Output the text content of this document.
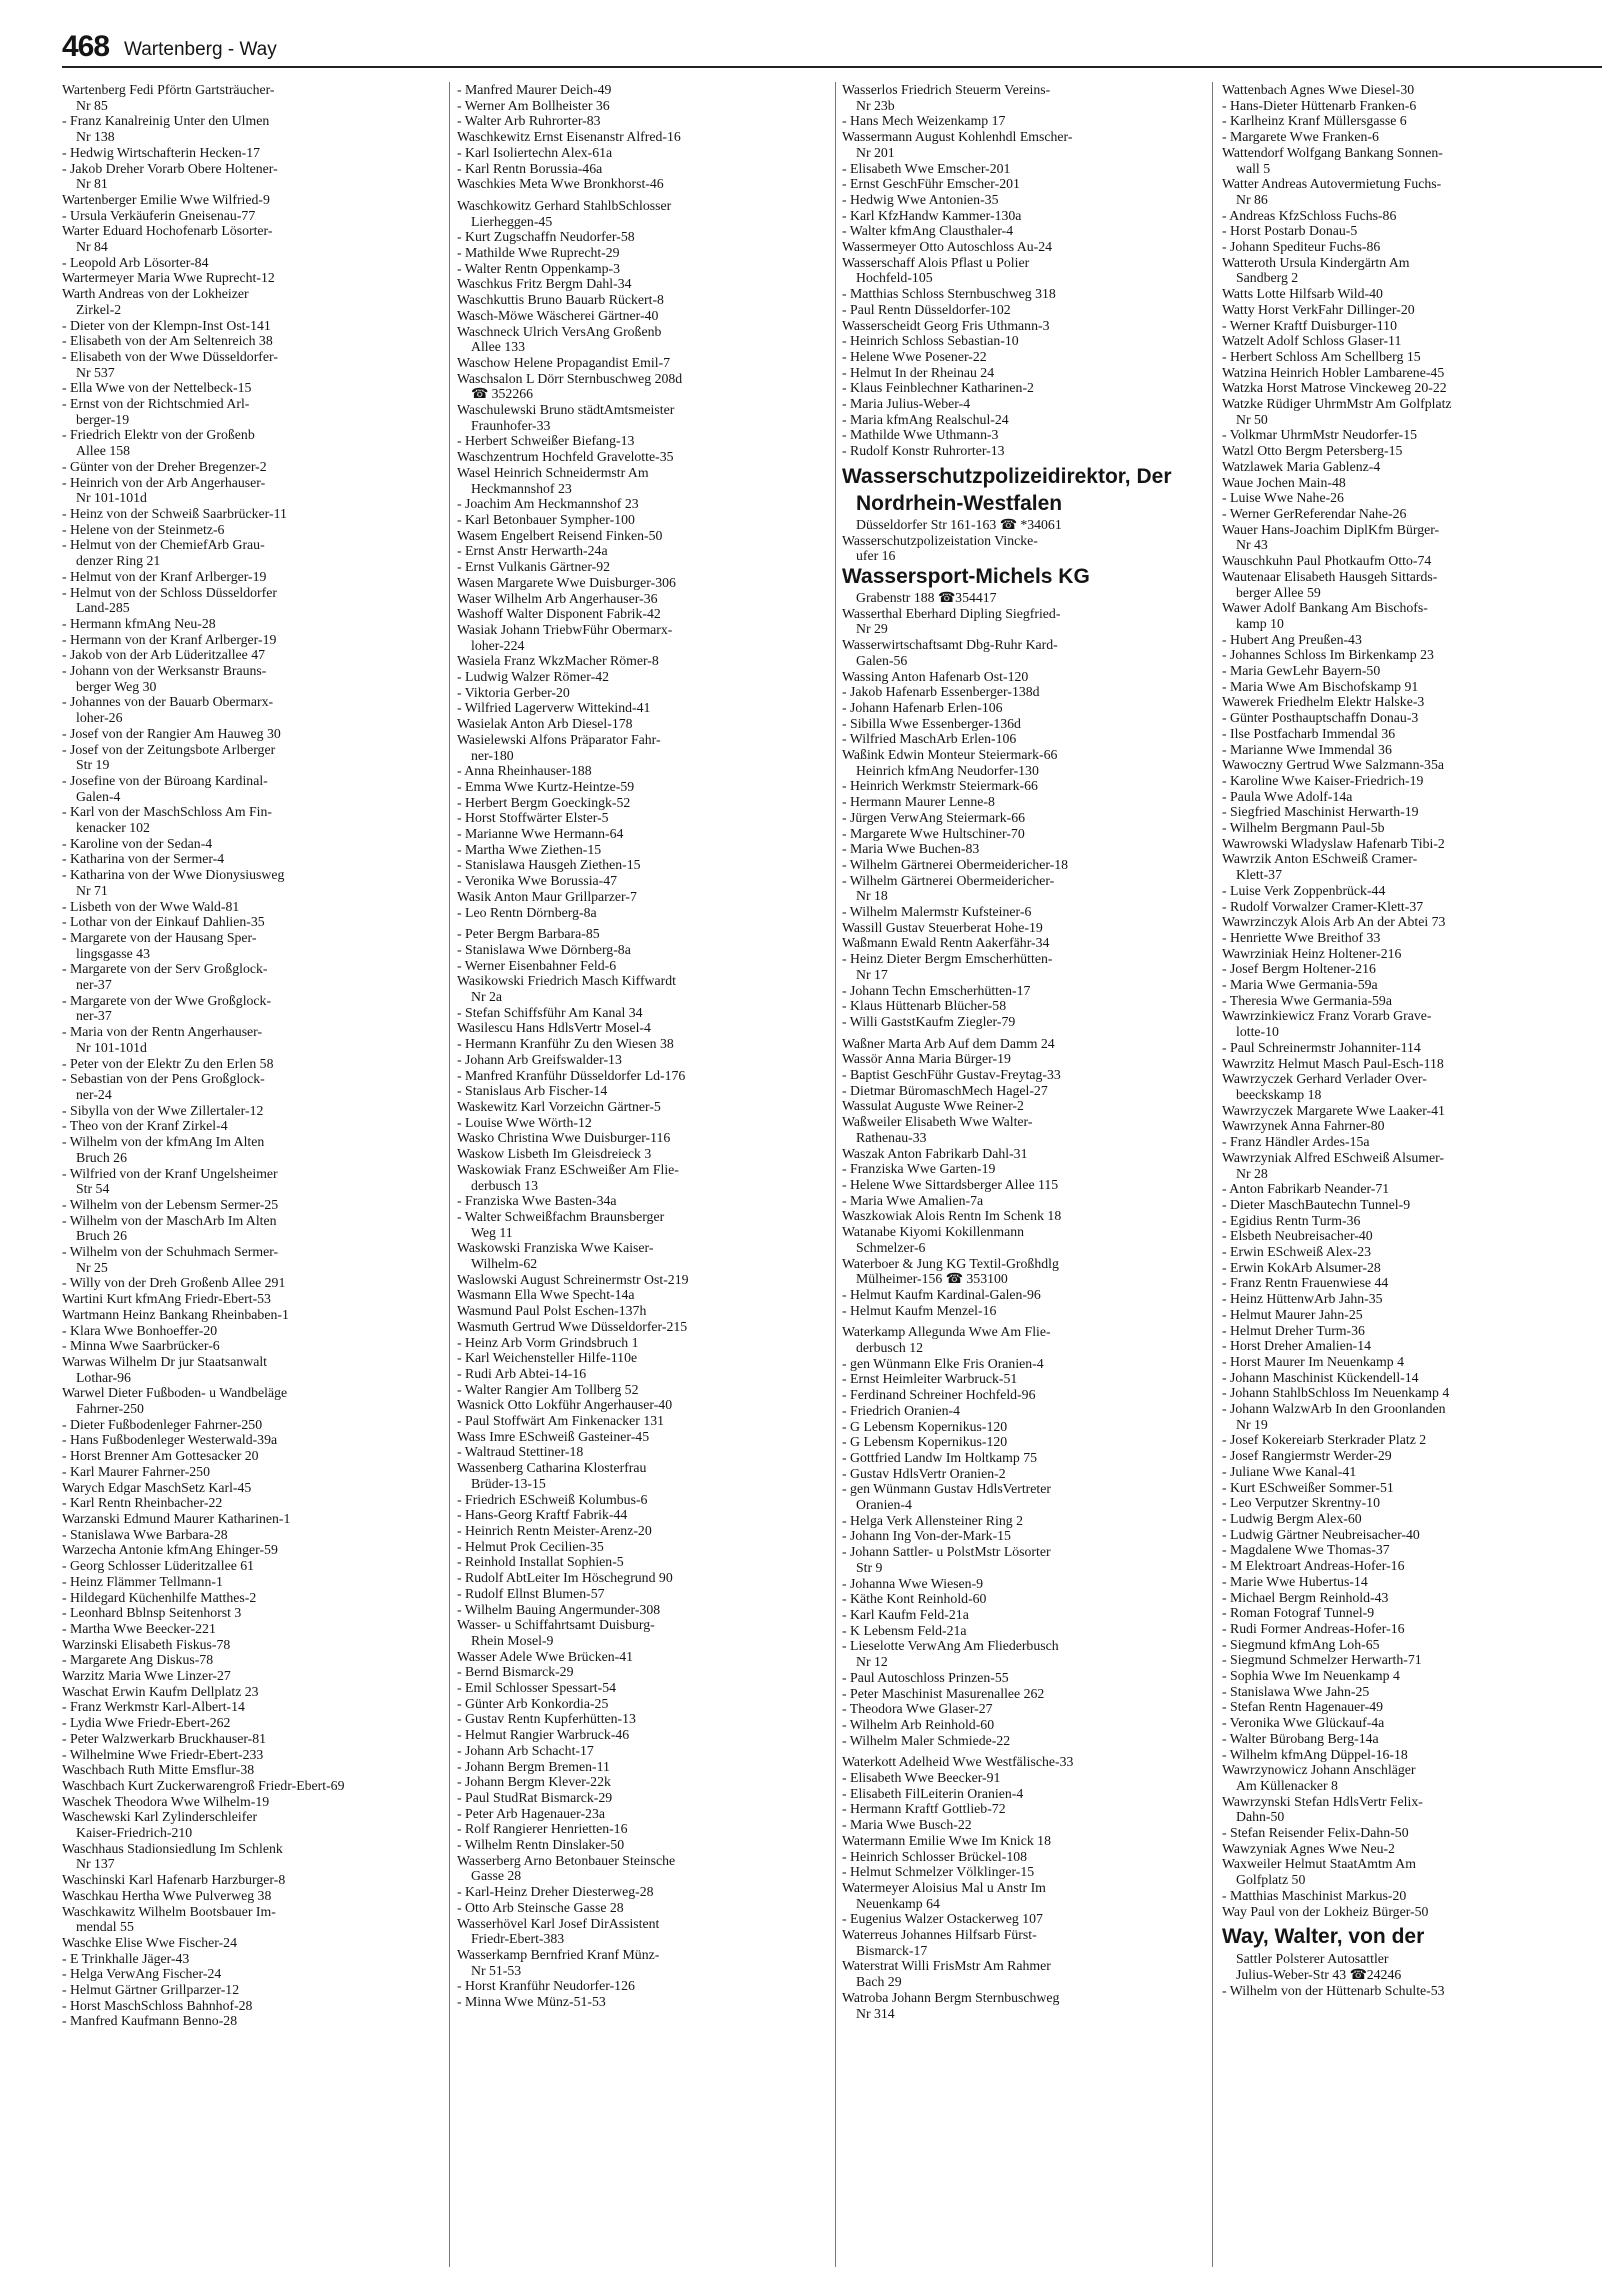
468 Wartenberg - Way
Wartenberg Fedi Pförtn Gartsträucher-
Nr 85
- Franz Kanalreinig Unter den Ulmen
Nr 138
- Hedwig Wirtschafterin Hecken-17
- Jakob Dreher Vorarb Obere Holtener-
Nr 81
Wartenberger Emilie Wwe Wilfried-9
- Ursula Verkäuferin Gneisenau-77
Warter Eduard Hochofenarb Lösorter-
Nr 84
- Leopold Arb Lösorter-84
Wartermeyer Maria Wwe Ruprecht-12
Warth Andreas von der Lokheizer
Zirkel-2
- Dieter von der Klempn-Inst Ost-141
- Elisabeth von der Am Seltenreich 38
- Elisabeth von der Wwe Düsseldorfer-
Nr 537
- Ella Wwe von der Nettelbeck-15
- Ernst von der Richtschmied Arl-
berger-19
- Friedrich Elektr von der Großenb
Allee 158
- Günter von der Dreher Bregenzer-2
- Heinrich von der Arb Angerhauser-
Nr 101-101d
- Heinz von der Schweiß Saarbrücker-11
- Helene von der Steinmetz-6
- Helmut von der ChemiefArb Grau-
denzer Ring 21
- Helmut von der Kranf Arlberger-19
- Helmut von der Schloss Düsseldorfer
Land-285
- Hermann kfmAng Neu-28
- Hermann von der Kranf Arlberger-19
- Jakob von der Arb Lüderitzallee 47
- Johann von der Werksanstr Brauns-
berger Weg 30
- Johannes von der Bauarb Obermarx-
loher-26
- Josef von der Rangier Am Hauweg 30
- Josef von der Zeitungsbote Arlberger
Str 19
- Josefine von der Büroang Kardinal-
Galen-4
- Karl von der MaschSchloss Am Fin-
kenacker 102
- Karoline von der Sedan-4
- Katharina von der Sermer-4
- Katharina von der Wwe Dionysiusweg
Nr 71
- Lisbeth von der Wwe Wald-81
- Lothar von der Einkauf Dahlien-35
- Margarete von der Hausang Sper-
lingsgasse 43
- Margarete von der Serv Großglock-
ner-37
- Margarete von der Wwe Großglock-
ner-37
- Maria von der Rentn Angerhauser-
Nr 101-101d
- Peter von der Elektr Zu den Erlen 58
- Sebastian von der Pens Großglock-
ner-24
- Sibylla von der Wwe Zillertaler-12
- Theo von der Kranf Zirkel-4
- Wilhelm von der kfmAng Im Alten
Bruch 26
- Wilfried von der Kranf Ungelsheimer
Str 54
- Wilhelm von der Lebensm Sermer-25
- Wilhelm von der MaschArb Im Alten
Bruch 26
- Wilhelm von der Schuhmach Sermer-
Nr 25
- Willy von der Dreh Großenb Allee 291
Wartini Kurt kfmAng Friedr-Ebert-53
Wartmann Heinz Bankang Rheinbaben-1
- Klara Wwe Bonhoeffer-20
- Minna Wwe Saarbrücker-6
Warwas Wilhelm Dr jur Staatsanwalt
Lothar-96
Warwel Dieter Fußboden- u Wandbeläge
Fahrner-250
- Dieter Fußbodenleger Fahrner-250
- Hans Fußbodenleger Westerwald-39a
- Horst Brenner Am Gottesacker 20
- Karl Maurer Fahrner-250
Warych Edgar MaschSetz Karl-45
- Karl Rentn Rheinbacher-22
Warzanski Edmund Maurer Katharinen-1
- Stanislawa Wwe Barbara-28
Warzecha Antonie kfmAng Ehinger-59
- Georg Schlosser Lüderitzallee 61
- Heinz Flämmer Tellmann-1
- Hildegard Küchenhilfe Matthes-2
- Leonhard Bblnsp Seitenhorst 3
- Martha Wwe Beecker-221
Warzinski Elisabeth Fiskus-78
- Margarete Ang Diskus-78
Warzitz Maria Wwe Linzer-27
Waschat Erwin Kaufm Dellplatz 23
- Franz Werkmstr Karl-Albert-14
- Lydia Wwe Friedr-Ebert-262
- Peter Walzwerkarb Bruckhauser-81
- Wilhelmine Wwe Friedr-Ebert-233
Waschbach Ruth Mitte Emsflur-38
Waschbach Kurt Zuckerwarengroß Friedr-Ebert-69
Waschek Theodora Wwe Wilhelm-19
Waschewski Karl Zylinderschleifer
Kaiser-Friedrich-210
Waschhaus Stadionsiedlung Im Schlenk
Nr 137
Waschinski Karl Hafenarb Harzburger-8
Waschkau Hertha Wwe Pulverweg 38
Waschkawitz Wilhelm Bootsbauer Im-
mendal 55
Waschke Elise Wwe Fischer-24
- E Trinkhalle Jäger-43
- Helga VerwAng Fischer-24
- Helmut Gärtner Grillparzer-12
- Horst MaschSchloss Bahnhof-28
- Manfred Kaufmann Benno-28
- Manfred Maurer Deich-49
- Werner Am Bollheister 36
- Walter Arb Ruhrorter-83
Waschkewitz Ernst Eisenanstr Alfred-16
- Karl Isoliertechn Alex-61a
- Karl Rentn Borussia-46a
Waschkies Meta Wwe Bronkhorst-46
Waschkowitz Gerhard StahlbSchlosser
Lierheggen-45
- Kurt Zugschaffn Neudorfer-58
- Mathilde Wwe Ruprecht-29
- Walter Rentn Oppenkamp-3
Waschkus Fritz Bergm Dahl-34
Waschkuttis Bruno Bauarb Rückert-8
Wasch-Möwe Wäscherei Gärtner-40
Waschneck Ulrich VersAng Großenb
Allee 133
Waschow Helene Propagandist Emil-7
Waschsalon L Dörr Sternbuschweg 208d
☎ 352266
Waschulewski Bruno städtAmtsmeister
Fraunhofer-33
- Herbert Schweißer Biefang-13
Waschzentrum Hochfeld Gravelotte-35
Wasel Heinrich Schneidermstr Am
Heckmannshof 23
- Joachim Am Heckmannshof 23
- Karl Betonbauer Sympher-100
Wasem Engelbert Reisend Finken-50
- Ernst Anstr Herwarth-24a
- Ernst Vulkanis Gärtner-92
Wasen Margarete Wwe Duisburger-306
Waser Wilhelm Arb Angerhauser-36
Washoff Walter Disponent Fabrik-42
Wasiak Johann TriebwFühr Obermarx-
loher-224
Wasiela Franz WkzMacher Römer-8
- Ludwig Walzer Römer-42
- Viktoria Gerber-20
- Wilfried Lagerverw Wittekind-41
Wasielak Anton Arb Diesel-178
Wasielewski Alfons Präparator Fahr-
ner-180
- Anna Rheinhauser-188
- Emma Wwe Kurtz-Heintze-59
- Herbert Bergm Goeckingk-52
- Horst Stoffwärter Elster-5
- Marianne Wwe Hermann-64
- Martha Wwe Ziethen-15
- Stanislawa Hausgeh Ziethen-15
- Veronika Wwe Borussia-47
Wasik Anton Maur Grillparzer-7
- Leo Rentn Dörnberg-8a
- Peter Bergm Barbara-85
- Stanislawa Wwe Dörnberg-8a
- Werner Eisenbahner Feld-6
Wasikowski Friedrich Masch Kiffwardt
Nr 2a
- Stefan Schiffsführ Am Kanal 34
Wasilescu Hans HdlsVertr Mosel-4
- Hermann Kranführ Zu den Wiesen 38
- Johann Arb Greifswalder-13
- Manfred Kranführ Düsseldorfer Ld-176
- Stanislaus Arb Fischer-14
Waskewitz Karl Vorzeichn Gärtner-5
- Louise Wwe Wörth-12
Wasko Christina Wwe Duisburger-116
Waskow Lisbeth Im Gleisdreieck 3
Waskowiak Franz ESchweißer Am Flie-
derbusch 13
- Franziska Wwe Basten-34a
- Walter Schweißfachm Braunsberger
Weg 11
Waskowski Franziska Wwe Kaiser-
Wilhelm-62
Waslowski August Schreinermstr Ost-219
Wasmann Ella Wwe Specht-14a
Wasmund Paul Polst Eschen-137h
Wasmuth Gertrud Wwe Düsseldorfer-215
- Heinz Arb Vorm Grindsbruch 1
- Karl Weichensteller Hilfe-110e
- Rudi Arb Abtei-14-16
- Walter Rangier Am Tollberg 52
Wasnick Otto Lokführ Angerhauser-40
- Paul Stoffwärt Am Finkenacker 131
Wass Imre ESchweiß Gasteiner-45
- Waltraud Stettiner-18
Wassenberg Catharina Klosterfrau
Brüder-13-15
- Friedrich ESchweiß Kolumbus-6
- Hans-Georg Kraftf Fabrik-44
- Heinrich Rentn Meister-Arenz-20
- Helmut Prok Cecilien-35
- Reinhold Installat Sophien-5
- Rudolf AbtLeiter Im Höschegrund 90
- Rudolf Ellnst Blumen-57
- Wilhelm Bauing Angermunder-308
Wasser- u Schiffahrtsamt Duisburg-
Rhein Mosel-9
Wasser Adele Wwe Brücken-41
- Bernd Bismarck-29
- Emil Schlosser Spessart-54
- Günter Arb Konkordia-25
- Gustav Rentn Kupferhütten-13
- Helmut Rangier Warbruck-46
- Johann Arb Schacht-17
- Johann Bergm Bremen-11
- Johann Bergm Klever-22k
- Paul StudRat Bismarck-29
- Peter Arb Hagenauer-23a
- Rolf Rangierer Henrietten-16
- Wilhelm Rentn Dinslaker-50
Wasserberg Arno Betonbauer Steinsche
Gasse 28
- Karl-Heinz Dreher Diesterweg-28
- Otto Arb Steinsche Gasse 28
Wasserhövel Karl Josef DirAssistent
Friedr-Ebert-383
Wasserkamp Bernfried Kranf Münz-
Nr 51-53
- Horst Kranführ Neudorfer-126
- Minna Wwe Münz-51-53
Wasserlos Friedrich Steuerm Vereins-
Nr 23b
- Hans Mech Weizenkamp 17
Wassermann August Kohlenhdl Emscher-
Nr 201
- Elisabeth Wwe Emscher-201
- Ernst GeschFühr Emscher-201
- Hedwig Wwe Antonien-35
- Karl KfzHandw Kammer-130a
- Walter kfmAng Clausthaler-4
Wassermeyer Otto Autoschloss Au-24
Wasserschaff Alois Pflast u Polier
Hochfeld-105
- Matthias Schloss Sternbuschweg 318
- Paul Rentn Düsseldorfer-102
Wasserscheidt Georg Fris Uthmann-3
- Heinrich Schloss Sebastian-10
- Helene Wwe Posener-22
- Helmut In der Rheinau 24
- Klaus Feinblechner Katharinen-2
- Maria Julius-Weber-4
- Maria kfmAng Realschul-24
- Mathilde Wwe Uthmann-3
- Rudolf Konstr Ruhrorter-13
Wasserschutzpolizeidirektor, Der
Nordrhein-Westfalen
Düsseldorfer Str 161-163 ☎ *34061
Wasserschutzpolizeistation Vincke-
ufer 16
Wassersport-Michels KG
Grabenstr 188 ☎354417
Wasserthal Eberhard Dipling Siegfried-
Nr 29
Wasserwirtschaftsamt Dbg-Ruhr Kard-
Galen-56
Wassing Anton Hafenarb Ost-120
- Jakob Hafenarb Essenberger-138d
- Johann Hafenarb Erlen-106
- Sibilla Wwe Essenberger-136d
- Wilfried MaschArb Erlen-106
Waßink Edwin Monteur Steiermark-66
Heinrich kfmAng Neudorfer-130
- Heinrich Werkmstr Steiermark-66
- Hermann Maurer Lenne-8
- Jürgen VerwAng Steiermark-66
- Margarete Wwe Hultschiner-70
- Maria Wwe Buchen-83
- Wilhelm Gärtnerei Obermeidericher-18
- Wilhelm Gärtnerei Obermeidericher-
Nr 18
- Wilhelm Malermstr Kufsteiner-6
Wassill Gustav Steuerberat Hohe-19
Waßmann Ewald Rentn Aakerfähr-34
- Heinz Dieter Bergm Emscherhütten-
Nr 17
- Johann Techn Emscherhütten-17
- Klaus Hüttenarb Blücher-58
- Willi GaststKaufm Ziegler-79
Waßner Marta Arb Auf dem Damm 24
Wassör Anna Maria Bürger-19
- Baptist GeschFühr Gustav-Freytag-33
- Dietmar BüromaschMech Hagel-27
Wassulat Auguste Wwe Reiner-2
Waßweiler Elisabeth Wwe Walter-
Rathenau-33
Waszak Anton Fabrikarb Dahl-31
- Franziska Wwe Garten-19
- Helene Wwe Sittardsberger Allee 115
- Maria Wwe Amalien-7a
Waszkowiak Alois Rentn Im Schenk 18
Watanabe Kiyomi Kokillenmann
Schmelzer-6
Waterboer & Jung KG Textil-Großhdlg
Mülheimer-156 ☎ 353100
- Helmut Kaufm Kardinal-Galen-96
- Helmut Kaufm Menzel-16
Waterkamp Allegunda Wwe Am Flie-
derbusch 12
- gen Wünmann Elke Fris Oranien-4
- Ernst Heimleiter Warbruck-51
- Ferdinand Schreiner Hochfeld-96
- Friedrich Oranien-4
- G Lebensm Kopernikus-120
- G Lebensm Kopernikus-120
- Gottfried Landw Im Holtkamp 75
- Gustav HdlsVertr Oranien-2
- gen Wünmann Gustav HdlsVertreter
Oranien-4
- Helga Verk Allensteiner Ring 2
- Johann Ing Von-der-Mark-15
- Johann Sattler- u PolstMstr Lösorter
Str 9
- Johanna Wwe Wiesen-9
- Käthe Kont Reinhold-60
- Karl Kaufm Feld-21a
- K Lebensm Feld-21a
- Lieselotte VerwAng Am Fliederbusch
Nr 12
- Paul Autoschloss Prinzen-55
- Peter Maschinist Masurenallee 262
- Theodora Wwe Glaser-27
- Wilhelm Arb Reinhold-60
- Wilhelm Maler Schmiede-22
Waterkott Adelheid Wwe Westfälische-33
- Elisabeth Wwe Beecker-91
- Elisabeth FilLeiterin Oranien-4
- Hermann Kraftf Gottlieb-72
- Maria Wwe Busch-22
Watermann Emilie Wwe Im Knick 18
- Heinrich Schlosser Brückel-108
- Helmut Schmelzer Völklinger-15
Watermeyer Aloisius Mal u Anstr Im
Neuenkamp 64
- Eugenius Walzer Ostackerweg 107
Waterreus Johannes Hilfsarb Fürst-
Bismarck-17
Waterstrat Willi FrisMstr Am Rahmer
Bach 29
Watroba Johann Bergm Sternbuschweg
Nr 314
Wattenbach Agnes Wwe Diesel-30
- Hans-Dieter Hüttenarb Franken-6
- Karlheinz Kranf Müllersgasse 6
- Margarete Wwe Franken-6
Wattendorf Wolfgang Bankang Sonnen-
wall 5
Watter Andreas Autovermietung Fuchs-
Nr 86
- Andreas KfzSchloss Fuchs-86
- Horst Postarb Donau-5
- Johann Spediteur Fuchs-86
Watteroth Ursula Kindergärtn Am
Sandberg 2
Watts Lotte Hilfsarb Wild-40
Watty Horst VerkFahr Dillinger-20
- Werner Kraftf Duisburger-110
Watzelt Adolf Schloss Glaser-11
- Herbert Schloss Am Schellberg 15
Watzina Heinrich Hobler Lambarene-45
Watzka Horst Matrose Vinckeweg 20-22
Watzke Rüdiger UhrmMstr Am Golfplatz
Nr 50
- Volkmar UhrmMstr Neudorfer-15
Watzl Otto Bergm Petersberg-15
Watzlawek Maria Gablenz-4
Waue Jochen Main-48
- Luise Wwe Nahe-26
- Werner GerReferendar Nahe-26
Wauer Hans-Joachim DiplKfm Bürger-
Nr 43
Wauschkuhn Paul Photkaufm Otto-74
Wautenaar Elisabeth Hausgeh Sittards-
berger Allee 59
Wawer Adolf Bankang Am Bischofs-
kamp 10
- Hubert Ang Preußen-43
- Johannes Schloss Im Birkenkamp 23
- Maria GewLehr Bayern-50
- Maria Wwe Am Bischofskamp 91
Wawerek Friedhelm Elektr Halske-3
- Günter Posthauptschaffn Donau-3
- Ilse Postfacharb Immendal 36
- Marianne Wwe Immendal 36
Wawoczny Gertrud Wwe Salzmann-35a
- Karoline Wwe Kaiser-Friedrich-19
- Paula Wwe Adolf-14a
- Siegfried Maschinist Herwarth-19
- Wilhelm Bergmann Paul-5b
Wawrowski Wladyslaw Hafenarb Tibi-2
Wawrzik Anton ESchweiß Cramer-
Klett-37
- Luise Verk Zoppenbrück-44
- Rudolf Vorwalzer Cramer-Klett-37
Wawrzinczyk Alois Arb An der Abtei 73
- Henriette Wwe Breithof 33
Wawrziniak Heinz Holtener-216
- Josef Bergm Holtener-216
- Maria Wwe Germania-59a
- Theresia Wwe Germania-59a
Wawrzinkiewicz Franz Vorarb Grave-
lotte-10
- Paul Schreinermstr Johanniter-114
Wawrzitz Helmut Masch Paul-Esch-118
Wawrzyczek Gerhard Verlader Over-
beeckskamp 18
Wawrzyczek Margarete Wwe Laaker-41
Wawrzynek Anna Fahrner-80
- Franz Händler Ardes-15a
Wawrzyniak Alfred ESchweiß Alsumer-
Nr 28
- Anton Fabrikarb Neander-71
- Dieter MaschBautechn Tunnel-9
- Egidius Rentn Turm-36
- Elsbeth Neubreisacher-40
- Erwin ESchweiß Alex-23
- Erwin KokArb Alsumer-28
- Franz Rentn Frauenwiese 44
- Heinz HüttenwArb Jahn-35
- Helmut Maurer Jahn-25
- Helmut Dreher Turm-36
- Horst Dreher Amalien-14
- Horst Maurer Im Neuenkamp 4
- Johann Maschinist Kückendell-14
- Johann StahlbSchloss Im Neuenkamp 4
- Johann WalzwArb In den Groonlanden
Nr 19
- Josef Kokereiarb Sterkrader Platz 2
- Josef Rangiermstr Werder-29
- Juliane Wwe Kanal-41
- Kurt ESchweißer Sommer-51
- Leo Verputzer Skrentny-10
- Ludwig Bergm Alex-60
- Ludwig Gärtner Neubreisacher-40
- Magdalene Wwe Thomas-37
- M Elektroart Andreas-Hofer-16
- Marie Wwe Hubertus-14
- Michael Bergm Reinhold-43
- Roman Fotograf Tunnel-9
- Rudi Former Andreas-Hofer-16
- Siegmund kfmAng Loh-65
- Siegmund Schmelzer Herwarth-71
- Sophia Wwe Im Neuenkamp 4
- Stanislawa Wwe Jahn-25
- Stefan Rentn Hagenauer-49
- Veronika Wwe Glückauf-4a
- Walter Bürobang Berg-14a
- Wilhelm kfmAng Düppel-16-18
Wawrzynowicz Johann Anschläger
Am Küllenacker 8
Wawrzynski Stefan HdlsVertr Felix-
Dahn-50
- Stefan Reisender Felix-Dahn-50
Wawzyniak Agnes Wwe Neu-2
Waxweiler Helmut StaatAmtm Am
Golfplatz 50
- Matthias Maschinist Markus-20
Way Paul von der Lokheiz Bürger-50
Way, Walter, von der
Sattler Polsterer Autosattler
Julius-Weber-Str 43 ☎24246
- Wilhelm von der Hüttenarb Schulte-53
